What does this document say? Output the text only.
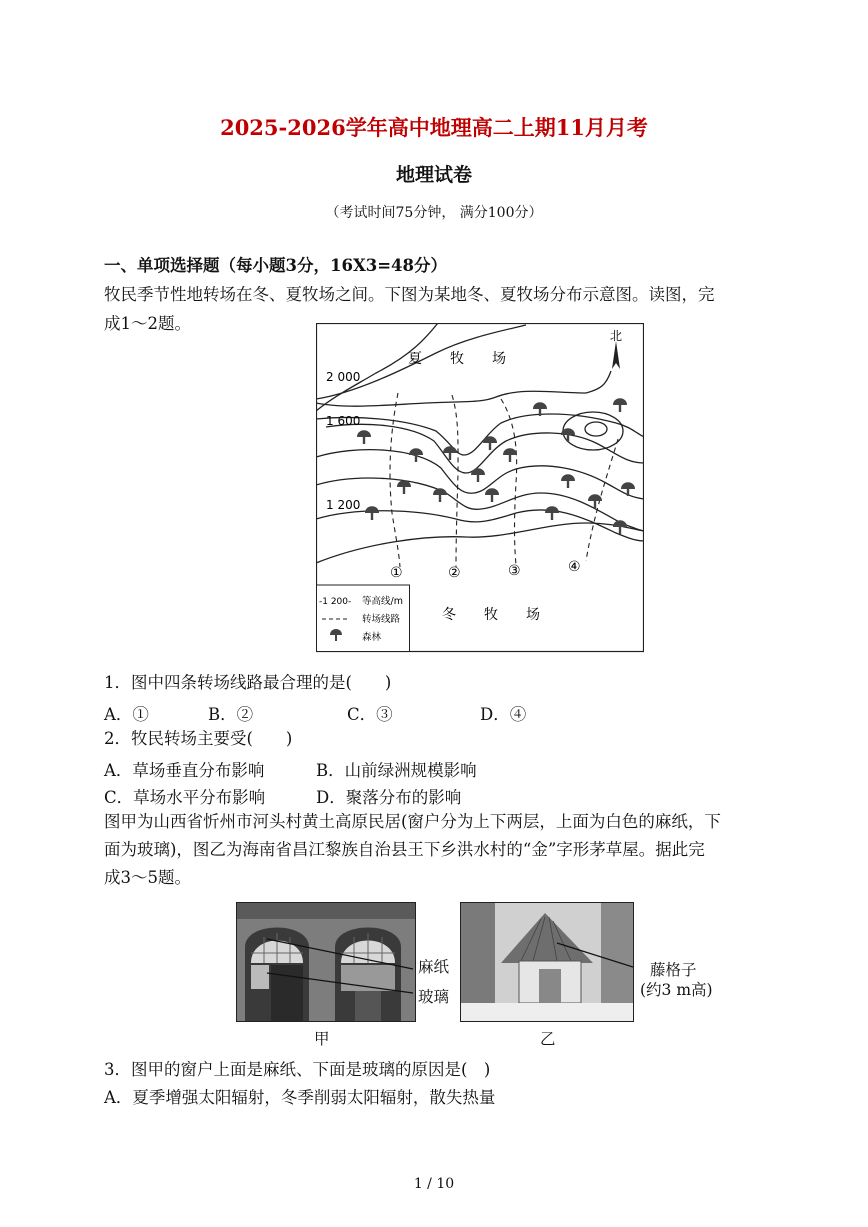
2025-2026学年高中地理高二上期11月月考
地理试卷
（考试时间75分钟， 满分100分）
一、单项选择题（每小题3分，16X3=48分）
牧民季节性地转场在冬、夏牧场之间。下图为某地冬、夏牧场分布示意图。读图，完
成1～2题。
北
夏　　牧　　场
冬　　牧　　场
2 000
1 600
1 200
①	②	③	④
-1 200- 等高线/m
转场线路
森林
1．图中四条转场线路最合理的是(　　)
A．①	B．②	C．③	D．④
2．牧民转场主要受(　　)
A．草场垂直分布影响	B．山前绿洲规模影响
C．草场水平分布影响	D．聚落分布的影响
图甲为山西省忻州市河头村黄土高原民居(窗户分为上下两层，上面为白色的麻纸，下
面为玻璃)，图乙为海南省昌江黎族自治县王下乡洪水村的“金”字形茅草屋。据此完
成3～5题。
麻纸
玻璃
甲
藤格子
(约3 m高)
乙
3．图甲的窗户上面是麻纸、下面是玻璃的原因是(　)
A．夏季增强太阳辐射，冬季削弱太阳辐射，散失热量
1 / 10
